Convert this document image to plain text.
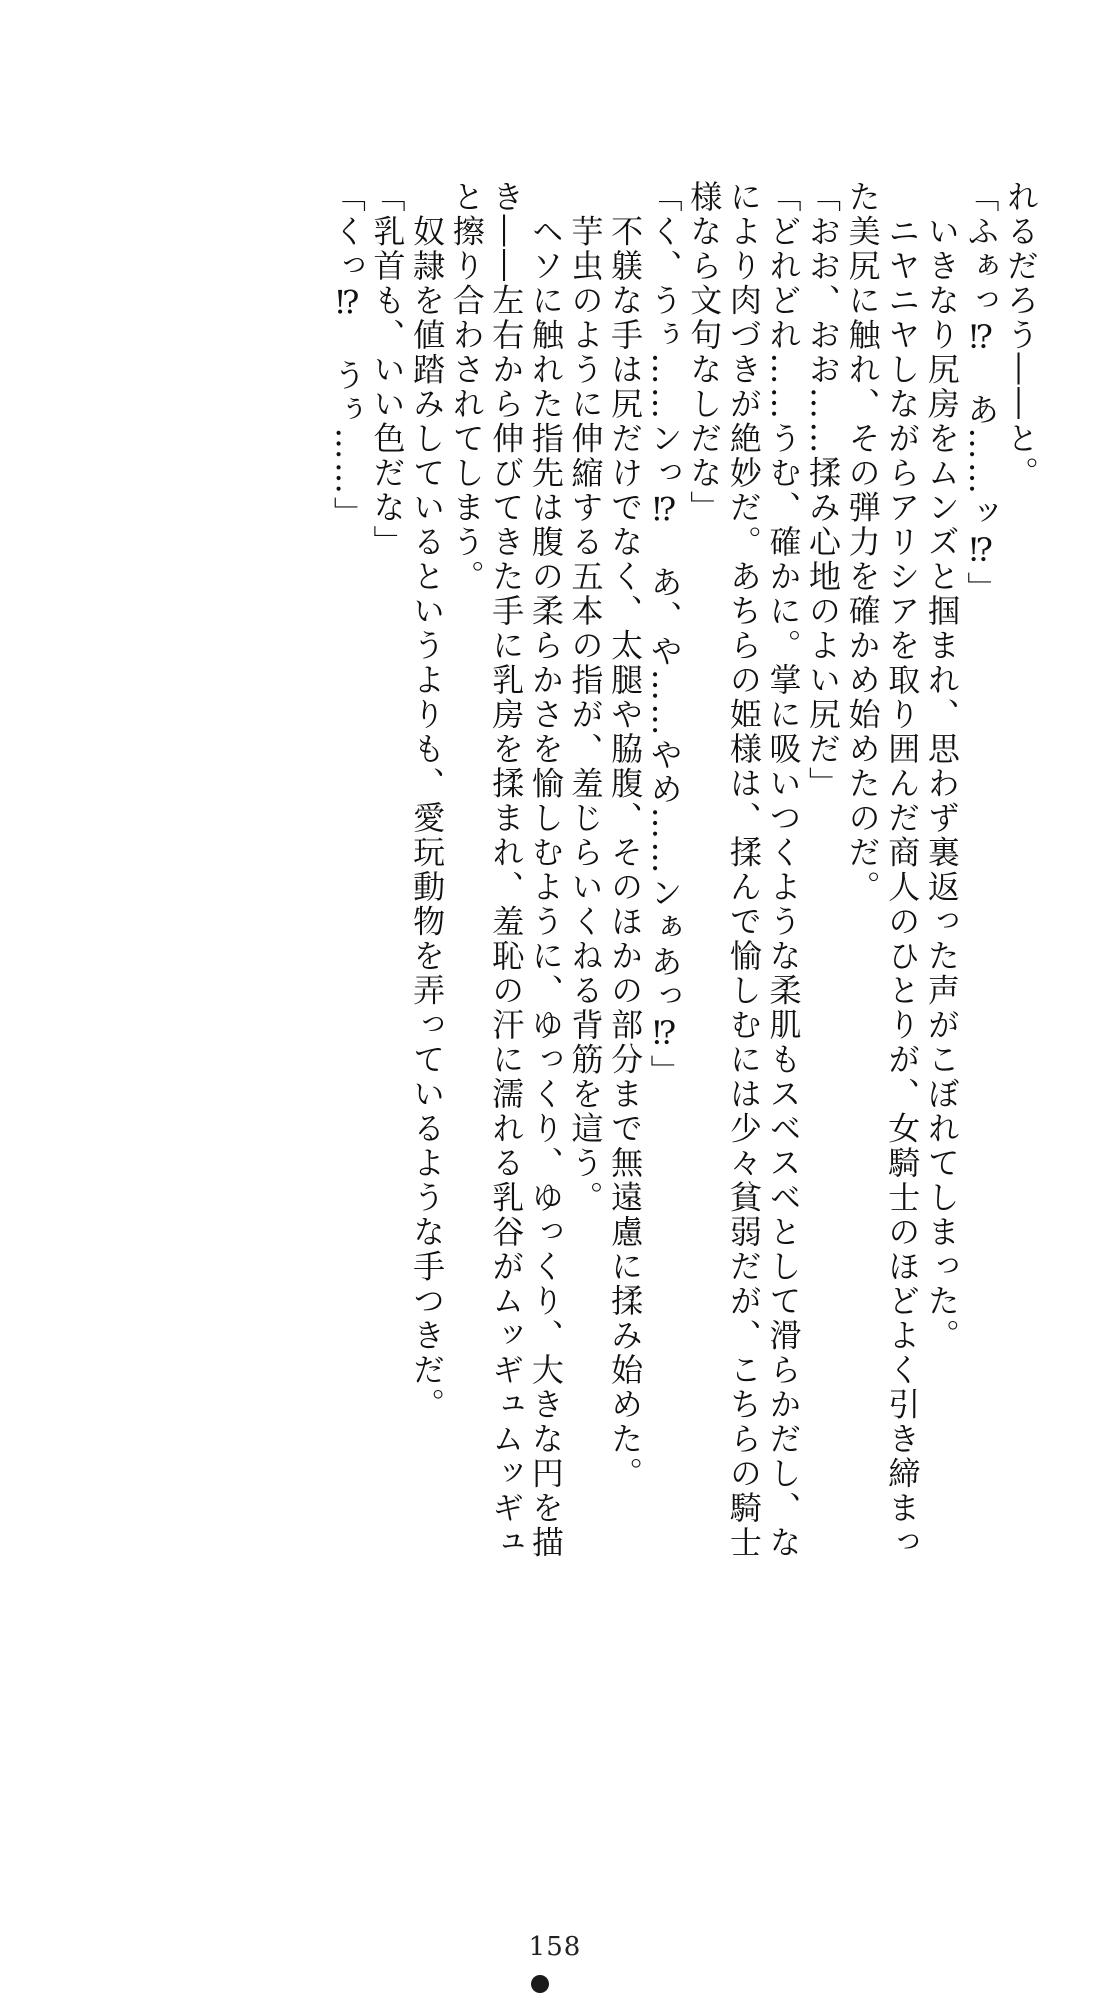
れるだろう――と。
「ふぁっ⁉　あ……ッ⁉」
　いきなり尻房をムンズと掴まれ、思わず裏返った声がこぼれてしまった。
　ニヤニヤしながらアリシアを取り囲んだ商人のひとりが、女騎士のほどよく引き締まっ
た美尻に触れ、その弾力を確かめ始めたのだ。
「おお、おお……揉み心地のよい尻だ」
「どれどれ……うむ、確かに。掌に吸いつくような柔肌もスベスベとして滑らかだし、な
により肉づきが絶妙だ。あちらの姫様は、揉んで愉しむには少々貧弱だが、こちらの騎士
様なら文句なしだな」
「く、うぅ……ンっ⁉　あ、や……やめ……ンぁあっ⁉」
　不躾な手は尻だけでなく、太腿や脇腹、そのほかの部分まで無遠慮に揉み始めた。
　芋虫のように伸縮する五本の指が、羞じらいくねる背筋を這う。
　ヘソに触れた指先は腹の柔らかさを愉しむように、ゆっくり、ゆっくり、大きな円を描
き――左右から伸びてきた手に乳房を揉まれ、羞恥の汗に濡れる乳谷がムッギュムッギュ
と擦り合わされてしまう。
　奴隷を値踏みしているというよりも、愛玩動物を弄っているような手つきだ。
「乳首も、いい色だな」
「くっ⁉　うぅ……」
158
